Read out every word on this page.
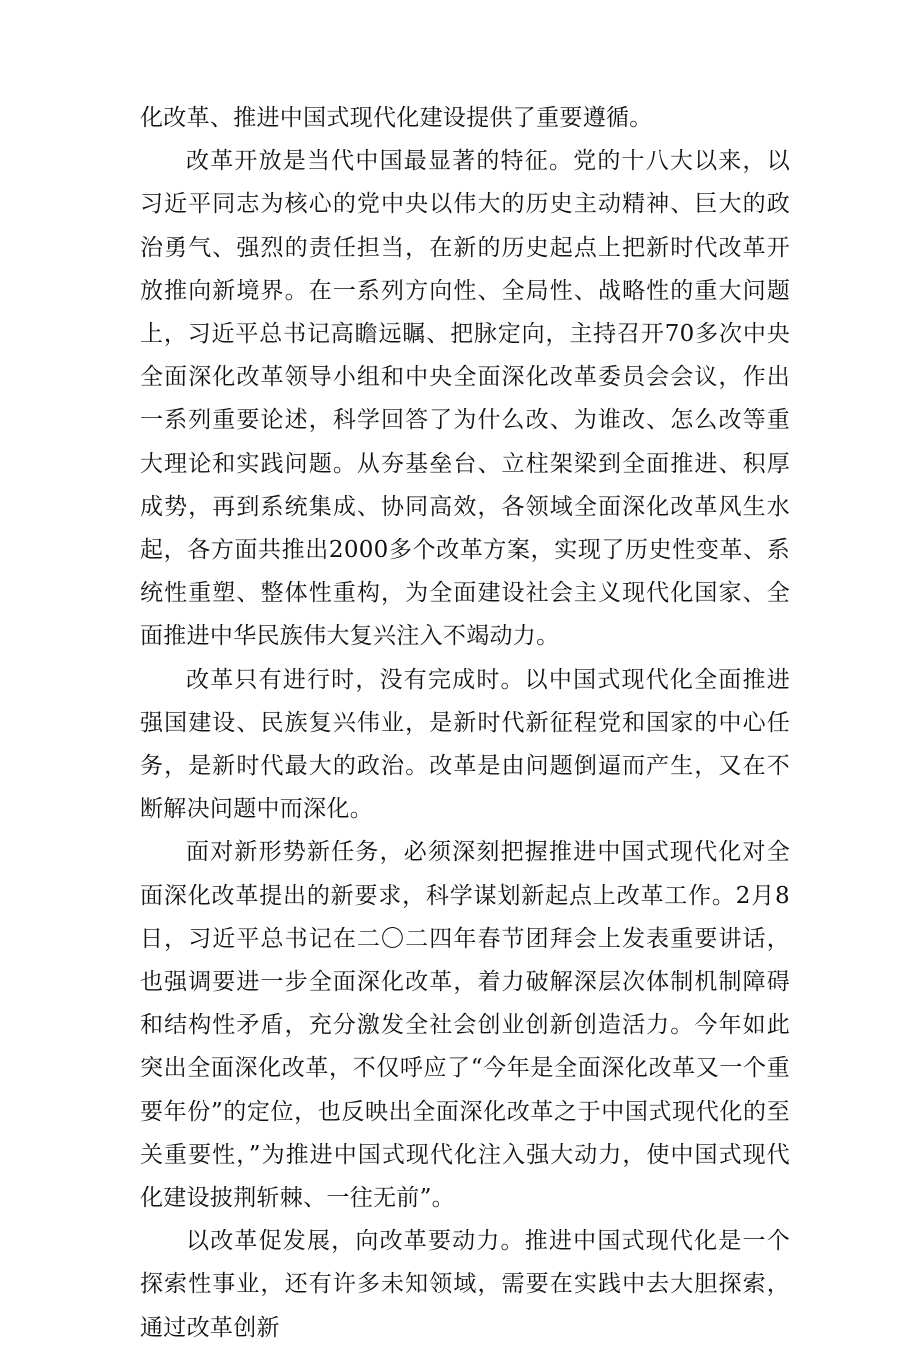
化改革、推进中国式现代化建设提供了重要遵循。

改革开放是当代中国最显著的特征。党的十八大以来，以习近平同志为核心的党中央以伟大的历史主动精神、巨大的政治勇气、强烈的责任担当，在新的历史起点上把新时代改革开放推向新境界。在一系列方向性、全局性、战略性的重大问题上，习近平总书记高瞻远瞩、把脉定向，主持召开70多次中央全面深化改革领导小组和中央全面深化改革委员会会议，作出一系列重要论述，科学回答了为什么改、为谁改、怎么改等重大理论和实践问题。从夯基垒台、立柱架梁到全面推进、积厚成势，再到系统集成、协同高效，各领域全面深化改革风生水起，各方面共推出2000多个改革方案，实现了历史性变革、系统性重塑、整体性重构，为全面建设社会主义现代化国家、全面推进中华民族伟大复兴注入不竭动力。

改革只有进行时，没有完成时。以中国式现代化全面推进强国建设、民族复兴伟业，是新时代新征程党和国家的中心任务，是新时代最大的政治。改革是由问题倒逼而产生，又在不断解决问题中而深化。

面对新形势新任务，必须深刻把握推进中国式现代化对全面深化改革提出的新要求，科学谋划新起点上改革工作。2月8日，习近平总书记在二〇二四年春节团拜会上发表重要讲话，也强调要进一步全面深化改革，着力破解深层次体制机制障碍和结构性矛盾，充分激发全社会创业创新创造活力。今年如此突出全面深化改革，不仅呼应了“今年是全面深化改革又一个重要年份”的定位，也反映出全面深化改革之于中国式现代化的至关重要性，”为推进中国式现代化注入强大动力，使中国式现代化建设披荆斩棘、一往无前”。

以改革促发展，向改革要动力。推进中国式现代化是一个探索性事业，还有许多未知领域，需要在实践中去大胆探索，通过改革创新
